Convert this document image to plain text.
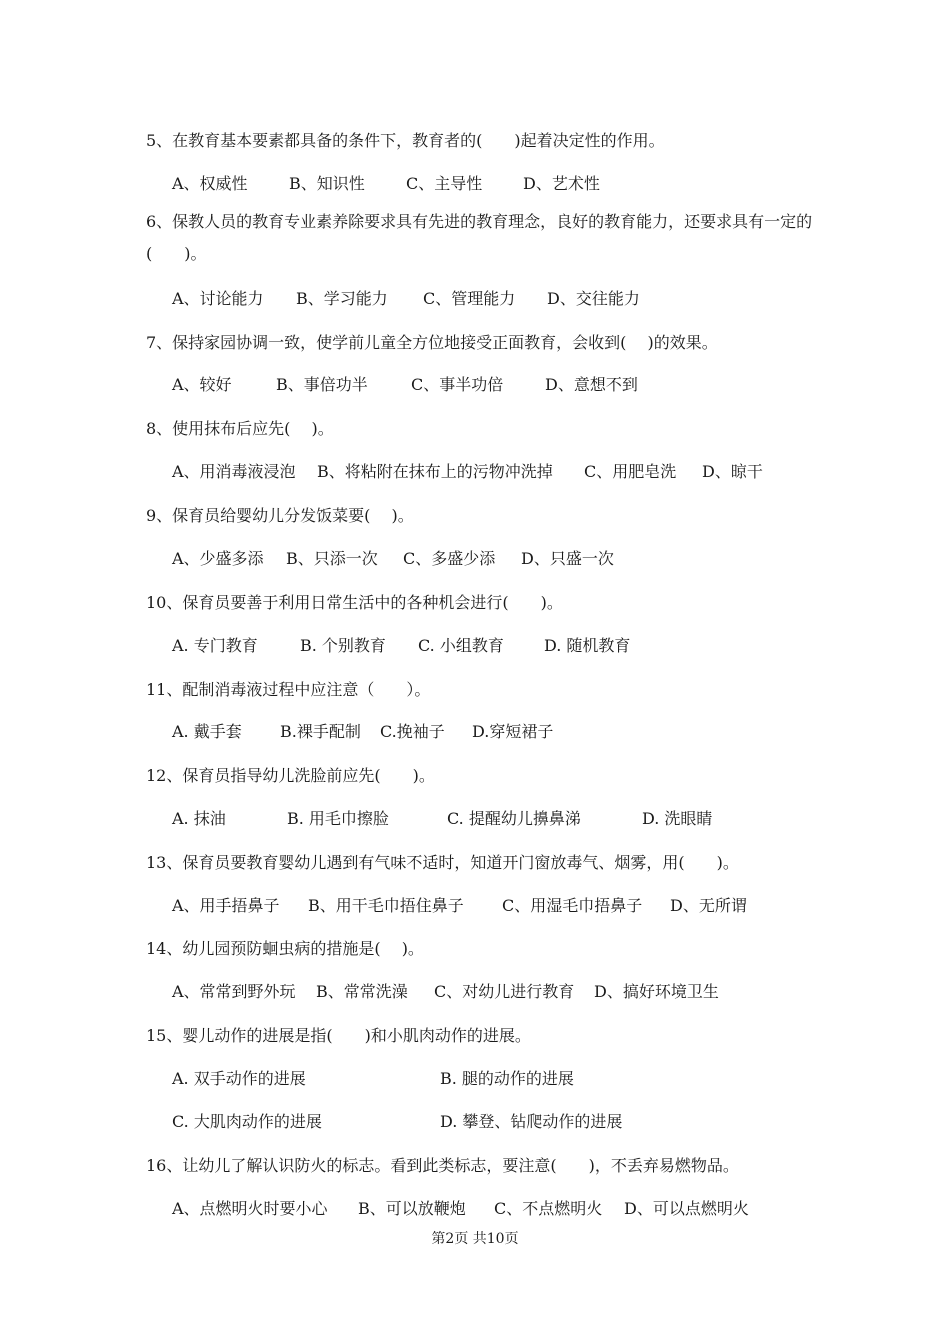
5、在教育基本要素都具备的条件下，教育者的(　　)起着决定性的作用。
A、权威性	B、知识性	C、主导性	D、艺术性
6、保教人员的教育专业素养除要求具有先进的教育理念，良好的教育能力，还要求具有一定的(　　)。
A、讨论能力 B、学习能力 C、管理能力 D、交往能力
7、保持家园协调一致，使学前儿童全方位地接受正面教育，会收到(　 )的效果。
A、较好	B、事倍功半	C、事半功倍	D、意想不到
8、使用抹布后应先(　 )。
A、用消毒液浸泡 B、将粘附在抹布上的污物冲洗掉 C、用肥皂洗 D、晾干
9、保育员给婴幼儿分发饭菜要(　 )。
A、少盛多添 B、只添一次 C、多盛少添 D、只盛一次
10、保育员要善于利用日常生活中的各种机会进行(　　)。
A. 专门教育	B. 个别教育 C. 小组教育	D. 随机教育
11、配制消毒液过程中应注意（　　）。
A. 戴手套 B.裸手配制 C.挽袖子 D.穿短裙子
12、保育员指导幼儿洗脸前应先(　　)。
A. 抹油	B. 用毛巾擦脸	C. 提醒幼儿擤鼻涕	D. 洗眼睛
13、保育员要教育婴幼儿遇到有气味不适时，知道开门窗放毒气、烟雾，用(　　)。
A、用手捂鼻子 B、用干毛巾捂住鼻子 C、用湿毛巾捂鼻子 D、无所谓
14、幼儿园预防蛔虫病的措施是(　 )。
A、常常到野外玩 B、常常洗澡 C、对幼儿进行教育 D、搞好环境卫生
15、婴儿动作的进展是指(　　)和小肌肉动作的进展。
A. 双手动作的进展	B. 腿的动作的进展
C. 大肌肉动作的进展	D. 攀登、钻爬动作的进展
16、让幼儿了解认识防火的标志。看到此类标志，要注意(　　)，不丢弃易燃物品。
A、点燃明火时要小心 B、可以放鞭炮 C、不点燃明火 D、可以点燃明火
第2页 共10页
